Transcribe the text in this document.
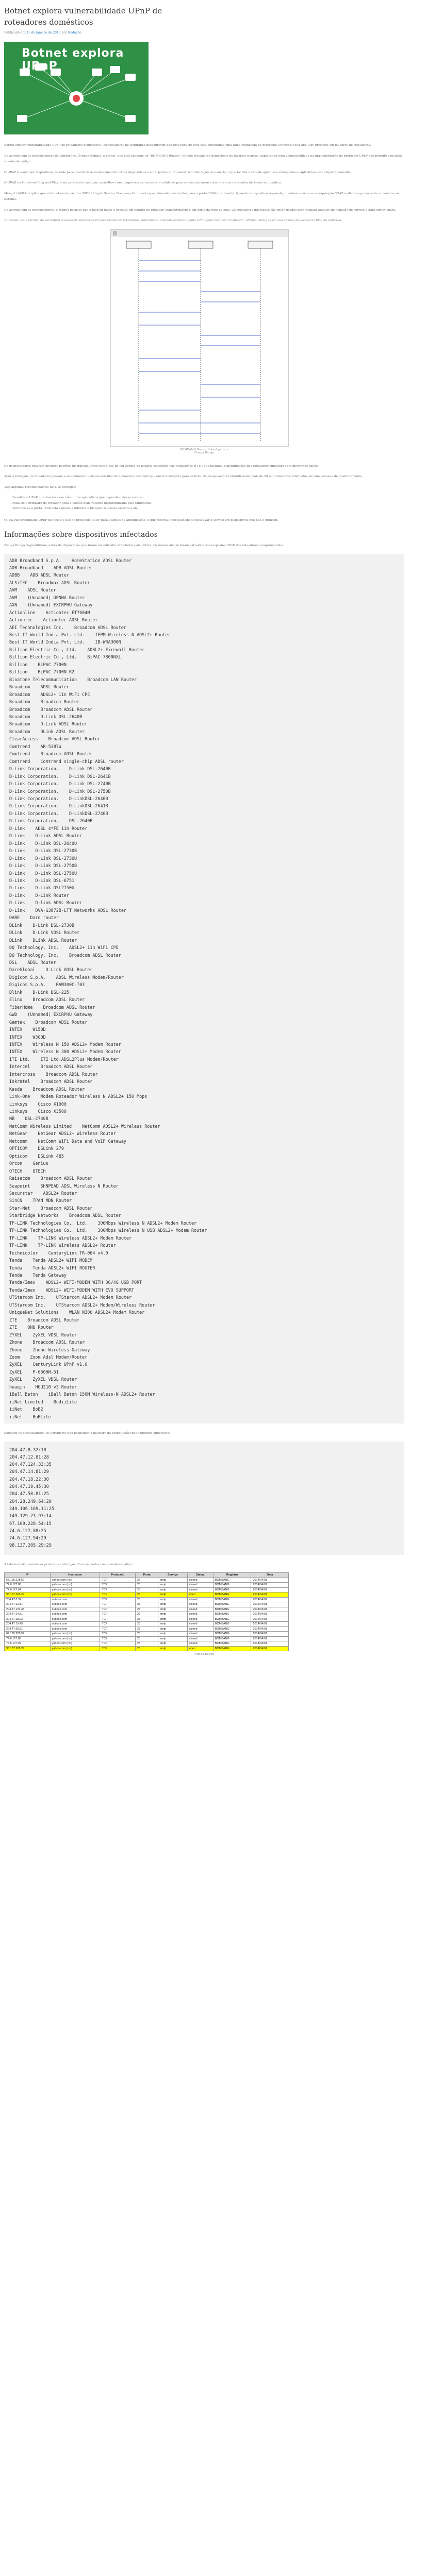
Botnet explora vulnerabilidade UPnP de
roteadores domésticos
Publicado em 31 de janeiro de 2013 por Redação
Botnet explora UPnP

Botnet explora vulnerabilidade UPnP de roteadores domésticos. Pesquisadores de segurança descobriram que uma rede de bots está explorando uma falha conhecida no protocolo Universal Plug and Play presente em milhares de roteadores.

De acordo com os pesquisadores do Vendor Inc. (Nunga Bunga), a botnet, que eles chamam de "BOMBANG Router", infecta roteadores domésticos de diversas marcas, explorando uma vulnerabilidade na implementação do protocolo UPnP que permite execução remota de código.

O UPnP é usado por dispositivos de rede para descobrir automaticamente outros dispositivos e abrir portas no roteador sem interação do usuário, o que facilita a vida de quem usa videogames e aplicativos de compartilhamento.

O UPnP, ou Universal Plug and Play, é um protocolo usado por aparelhos como impressoras, consoles e celulares para se comunicarem entre si e com o roteador de forma automática.

Meng-Li (ASIA) explica que a botnet envia pacotes SSDP (Simple Service Discovery Protocol) especialmente construídos para a porta 1900 do roteador. Quando o dispositivo responde, o malware envia uma requisição SOAP maliciosa que executa comandos no sistema.

De acordo com os pesquisadores, o ataque permite que o invasor baixe e execute um binário no roteador, transformando-o em parte da rede de bots. Os roteadores infectados são então usados para realizar ataques de negação de serviço e para enviar spam.

"A botnet usa a técnica de varredura massiva de endereços IP para encontrar roteadores vulneráveis, e depois explora a falha UPnP para instalar o malware", afirmou Meng-Li em sua análise publicada no blog da empresa.

BOMBANG Router Botnet pattern
Nunga Bunga

Os pesquisadores notaram diversos padrões no tráfego, entre eles o uso de um agente de usuário específico nas requisições HTTP, que facilitou a identificação dos roteadores infectados em diferentes países.

Após a infecção, os roteadores passam a se comunicar com um servidor de comando e controle que envia instruções para os bots. Os pesquisadores identificaram mais de 20 mil roteadores infectados em uma semana de monitoramento.

Veja algumas recomendações para se proteger:

• Desative o UPnP no roteador caso não utilize aplicativos que dependam desse recurso.
• Atualize o firmware do roteador para a versão mais recente disponibilizada pelo fabricante.
• Verifique se a porta 1900 está exposta à internet e bloqueie o acesso externo a ela.

Outra vulnerabilidade UPnP de hoje é o uso do protocolo SSDP para ataques de amplificação, o que reforça a necessidade de desativar o serviço em dispositivos que não o utilizam.

Informações sobre dispositivos infectados

Nunga Bunga disponibilizou a lista de dispositivos que foram encontrados infectados pela botnet. Os nomes abaixo foram extraídos das respostas UPnP dos roteadores comprometidos.

ADB Broadband S.p.A.    HomeStation ADSL Router
ADB Broadband    ADB ADSL Router
ADBB    ADB ADSL Router
ALSiTEC    Broadmax ADSL Router
AVM    ADSL Router
AVM    (Unnamed) UPNNA Router
AXN    (Unnamed) EXCRPHU Gateway
Actionline    Actiontec ET7604N
Actiontec    Actiontec ADSL Router
AEI Technologies Inc.    Broadcom ADSL Router
Best IT World India Pvt. Ltd.    IEPM Wireless N ADSL2+ Router
Best IT World India Pvt. Ltd.    IB-WRA300N
Billion Electric Co., Ltd.    ADSL2+ Firewall Router
Billion Electric Co., Ltd.    BiPAC 7800NXL
Billion    BiPAC 7700N
Billion    BiPAC 7700N R2
Binatone Telecommunication    Broadcom LAN Router
Broadcom    ADSL Router
Broadcom    ADSL2+ 11n WiFi CPE
Broadcom    Broadcom Router
Broadcom    Broadcom ADSL Router
Broadcom    D-Link DSL-2640B
Broadcom    D-Link ADSL Router
Broadcom    DLink ADSL Router
ClearAccess    Broadcom ADSL Router
Comtrend    AR-5387u
Comtrend    Broadcom ADSL Router
Comtrend    Comtrend single-chip ADSL router
D-Link Corporation.    D-Link DSL-2640B
D-Link Corporation.    D-Link DSL-2641B
D-Link Corporation.    D-Link DSL-2740B
D-Link Corporation.    D-Link DSL-2750B
D-Link Corporation.    D-LinkDSL-2640B
D-Link Corporation.    D-LinkDSL-2641B
D-Link Corporation.    D-LinkDSL-2740B
D-Link Corporation.    DSL-2640B
D-Link    ADSL 4*FE 11n Router
D-Link    D-Link ADSL Router
D-Link    D-Link DSL-2640U
D-Link    D-Link DSL-2730B
D-Link    D-Link DSL-2730U
D-Link    D-Link DSL-2750B
D-Link    D-Link DSL-2750U
D-Link    D-Link DSL-6751
D-Link    D-Link DSL2750U
D-Link    D-Link Router
D-Link    D-link ADSL Router
D-Link    DVA-G3672B-LTT Networks ADSL Router
DARE    Dare router
DLink    D-Link DSL-2730B
DLink    D-Link VDSL Router
DLink    DLink ADSL Router
DQ Technology, Inc.    ADSL2+ 11n WiFi CPE
DQ Technology, Inc.    Broadcom ADSL Router
DSL    ADSL Router
DareGlobal    D-Link ADSL Router
Digicom S.p.A.    ADSL Wireless Modem/Router
Digicom S.p.A.    RAW300C-T03
Dlink    D-Link DSL-225
Elinx    Broadcom ADSL Router
FiberHome    Broadcom ADSL Router
GWD    (Unnamed) EXCRPHU Gateway
Gemtek    Broadcom ADSL Router
INTEX    W150D
INTEX    W300D
INTEX    Wireless N 150 ADSL2+ Modem Router
INTEX    Wireless N 300 ADSL2+ Modem Router
ITI Ltd.    ITI Ltd.ADSL2Plus Modem/Router
Intercel    Broadcom ADSL Router
Intercross    Broadcom ADSL Router
Iskratel    Broadcom ADSL Router
Kasda    Broadcom ADSL Router
Link-One    Modem Roteador Wireless N ADSL2+ 150 Mbps
Linksys    Cisco X1000
Linksys    Cisco X3500
NB    DSL-2740B
NetComm Wireless Limited    NetComm ADSL2+ Wireless Router
NetGear    NetGear ADSL2+ Wireless Router
Netcomm    NetComm WiFi Data and VoIP Gateway
OPTICOM    DSLink 279
Opticom    DSLink 485
Orcon    Genius
QTECH    QTECH
Raisecom    Broadcom ADSL Router
Seapoint    SHNPEAD ADSL Wireless N Router
Securstar    ADSL2+ Router
SinCN    TPAN MDN Router
Star-Net    Broadcom ADSL Router
Starbridge Networks    Broadcom ADSL Router
TP-LINK Technologies Co., Ltd.    300Mbps Wireless N ADSL2+ Modem Router
TP-LINK Technologies Co., Ltd.    300Mbps Wireless N USB ADSL2+ Modem Router
TP-LINK    TP-LINK Wireless ADSL2+ Modem Router
TP-LINK    TP-LINK Wireless ADSL2+ Router
Technicolor    CenturyLink TR-064 v4.0
Tenda    Tenda ADSL2+ WIFI MODEM
Tenda    Tenda ADSL2+ WIFI ROUTER
Tenda    Tenda Gateway
Tenda/Imex    ADSL2+ WIFI-MODEM WITH 3G/4G USB PORT
Tenda/Imex    ADSL2+ WIFI-MODEM WITH EVO SUPPORT
UTStarcom Inc.    UTStarcom ADSL2+ Modem Router
UTStarcom Inc.    UTStarcom ADSL2+ Modem/Wireless Router
UniqueNet Solutions    WLAN N300 ADSL2+ Modem Router
ZTE    Broadcom ADSL Router
ZTE    ONU Router
ZYXEL    ZyXEL VDSL Router
Zhone    Broadcom ADSL Router
Zhone    Zhone Wireless Gateway
Zoom    Zoom Adsl Modem/Router
ZyXEL    CenturyLink UPnP v1.0
ZyXEL    P-660HN-51
ZyXEL    ZyXEL VDSL Router
huaqin    HGU210 v3 Router
iBall Baton    iBall Baton 150M Wireless-N ADSL2+ Router
iiNet Limited    BudiiLite
iiNet    BoB2
iiNet    BoBLite

Segundo os pesquisadores, os servidores que hospedam o malware da botnet estão nos seguintes endereços:

204.47.8.32:18
204.47.12.81:28
204.47.124.33:35
204.47.14.81:29
204.47.18.22:30
204.47.19.45:30
204.47.50.81:25
204.28.249.64:29
249.106.169.11:25
149.129.73.97:14
67.109.228.54:15
74.6.127.88:25
74.6.127.94:29
98.137.205.29:29

A tabela abaixo mostra os primeiros endereços IP encontrados com o malware ativo:

IP	Hostname	Protocolo	Porta	Serviço	Status	Registro	Data
67.195.228.59	yahoo.com (nsl)	TCP	25	smtp	closed	BOMBANG	2014/04/01
74.6.127.88	yahoo.com (nsl)	TCP	25	smtp	closed	BOMBANG	2014/04/01
74.6.127.94	yahoo.com (nsl)	TCP	25	smtp	closed	BOMBANG	2014/04/01
98.137.205.29	yahoo.com (nsl)	TCP	25	smtp	open	BOMBANG	2014/04/01
204.47.8.32	outlook.com	TCP	25	smtp	closed	BOMBANG	2014/04/01
204.47.12.81	outlook.com	TCP	25	smtp	closed	BOMBANG	2014/04/01
204.47.124.33	outlook.com	TCP	25	smtp	closed	BOMBANG	2014/04/01
204.47.14.81	outlook.com	TCP	25	smtp	closed	BOMBANG	2014/04/01
204.47.18.22	outlook.com	TCP	25	smtp	closed	BOMBANG	2014/04/01
204.47.19.45	outlook.com	TCP	25	smtp	closed	BOMBANG	2014/04/01
204.47.50.81	outlook.com	TCP	25	smtp	closed	BOMBANG	2014/04/01
67.195.228.59	yahoo.com (nsl)	TCP	25	smtp	closed	BOMBANG	2014/04/01
74.6.127.88	yahoo.com (nsl)	TCP	25	smtp	closed	BOMBANG	2014/04/01
74.6.127.94	yahoo.com (nsl)	TCP	25	smtp	closed	BOMBANG	2014/04/01
98.137.205.29	yahoo.com (nsl)	TCP	25	smtp	open	BOMBANG	2014/04/01
Nunga Bunga
